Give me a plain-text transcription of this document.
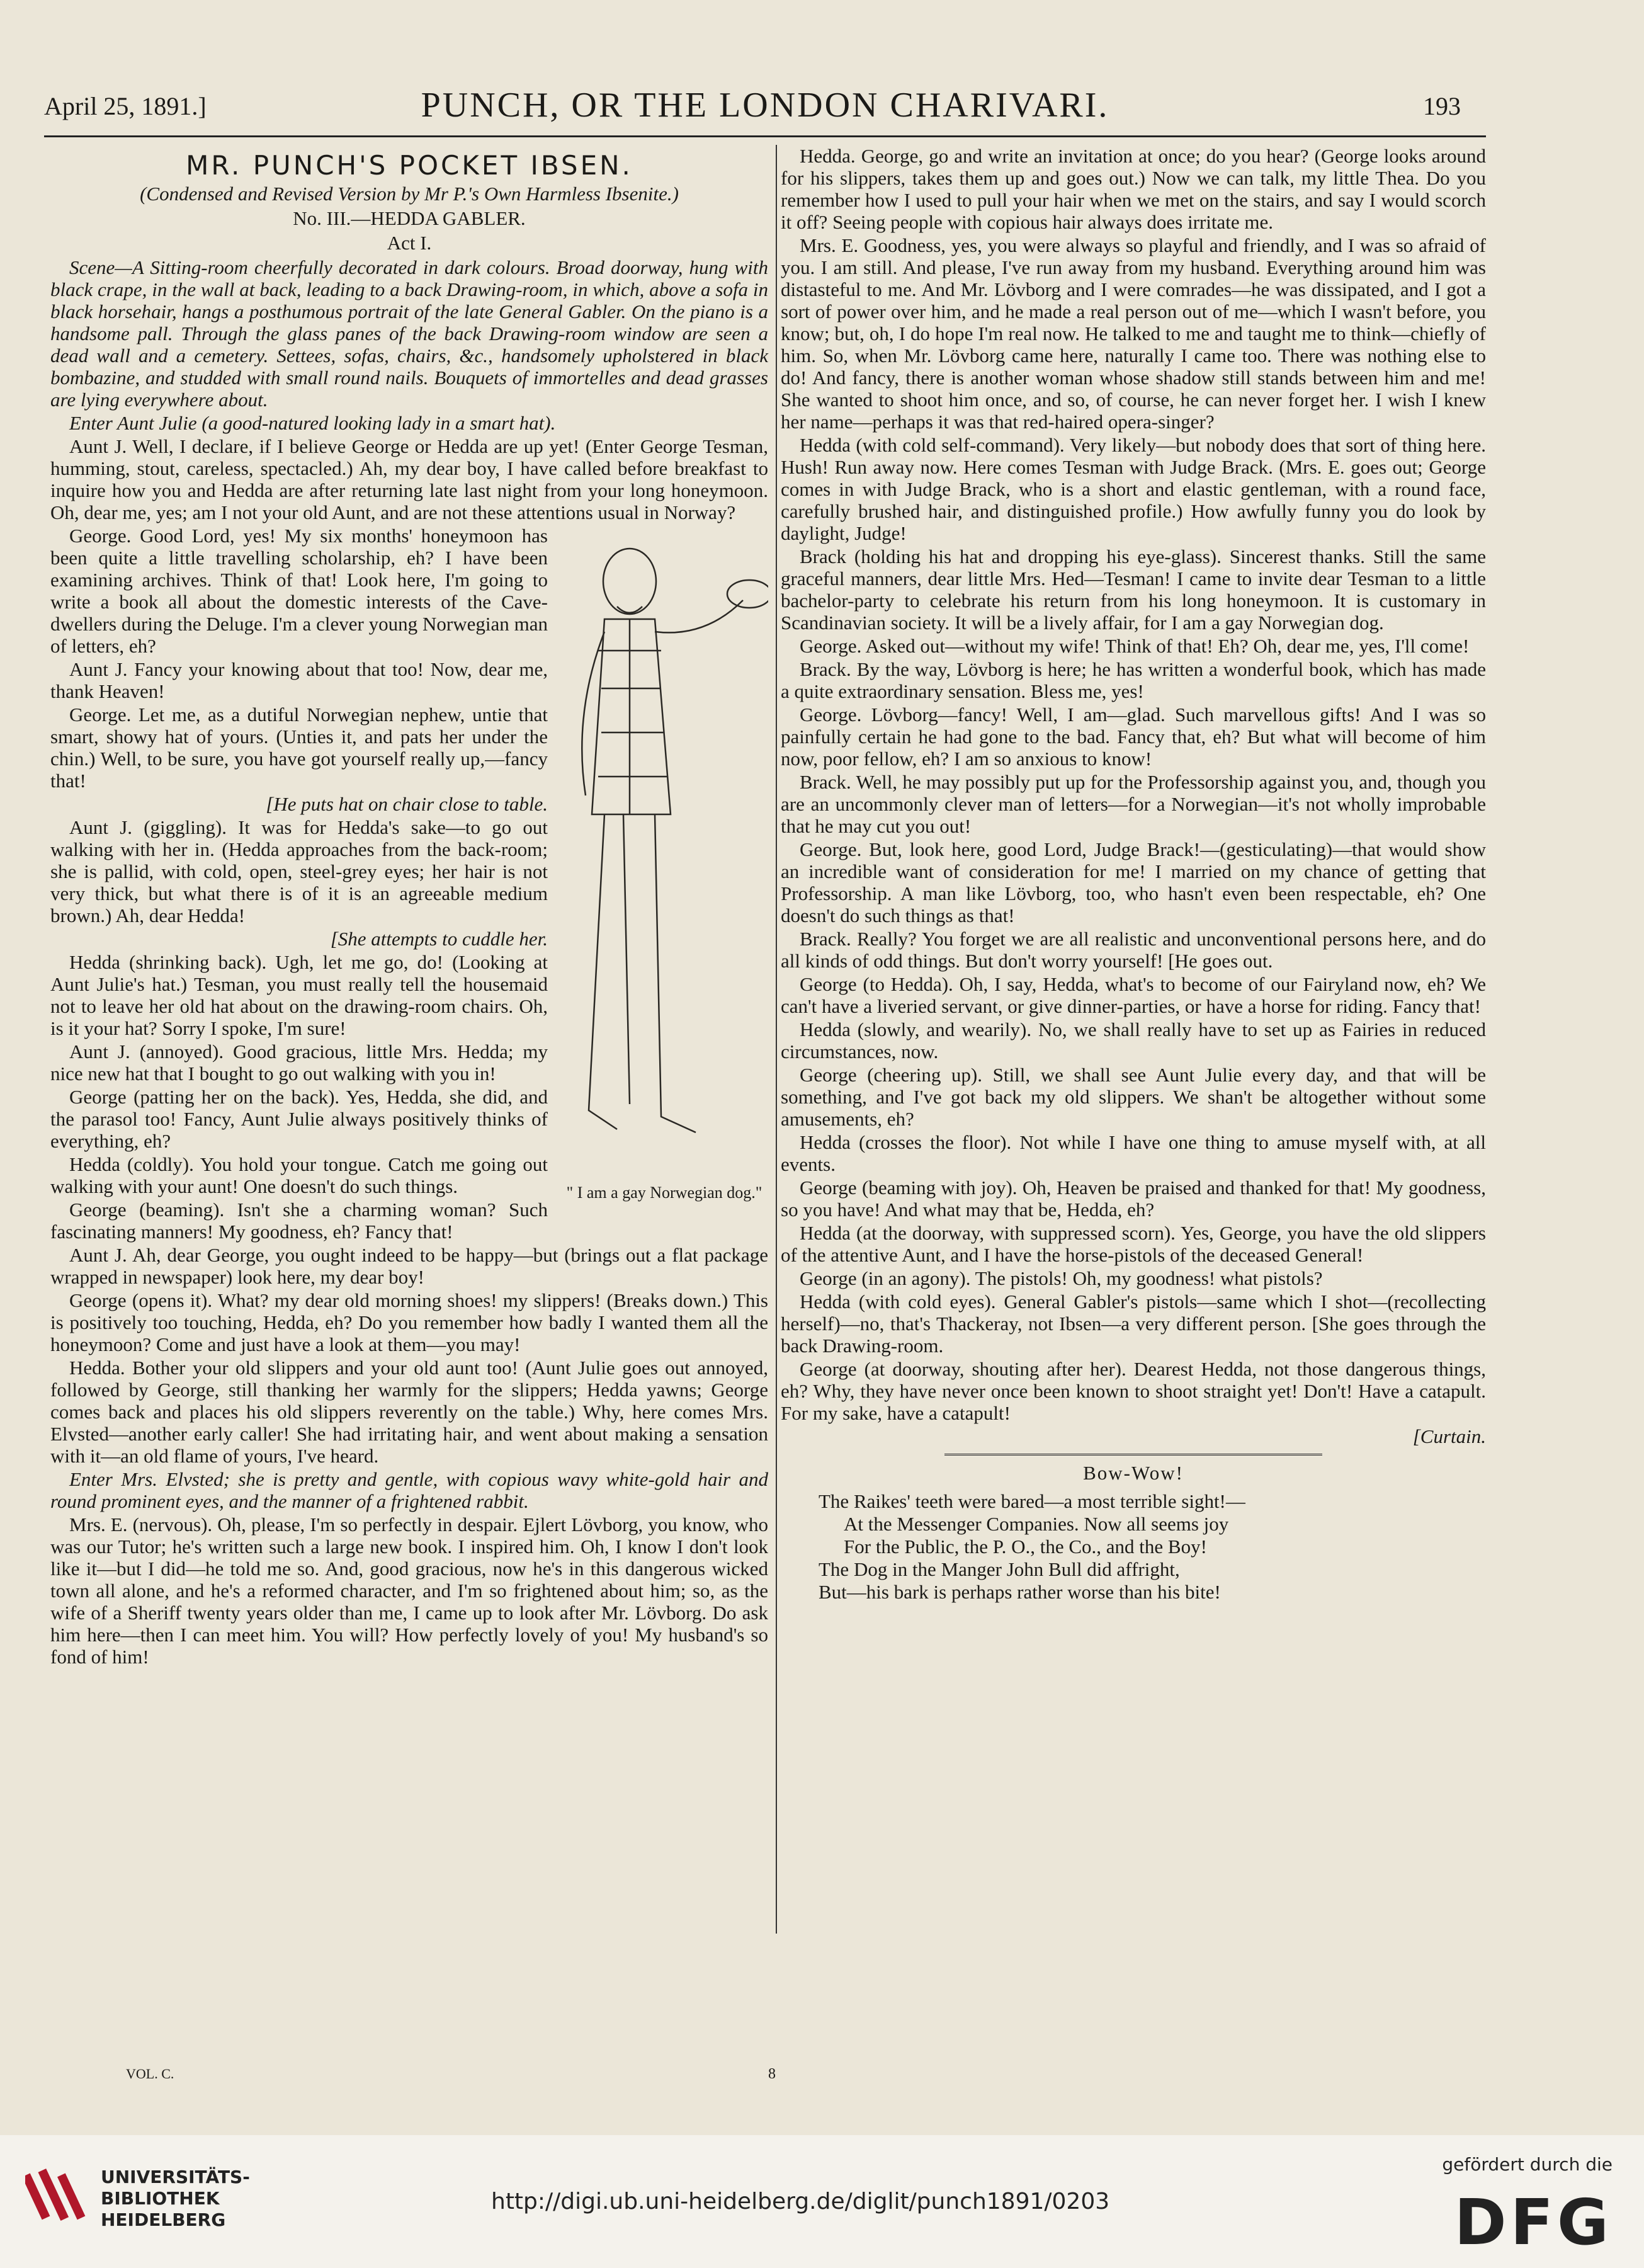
April 25, 1891.]	PUNCH, OR THE LONDON CHARIVARI.	193
MR. PUNCH'S POCKET IBSEN.
(Condensed and Revised Version by Mr P.'s Own Harmless Ibsenite.)
No. III.—HEDDA GABLER.
Act I.

Scene—A Sitting-room cheerfully decorated in dark colours. Broad doorway, hung with black crape, in the wall at back, leading to a back Drawing-room, in which, above a sofa in black horsehair, hangs a posthumous portrait of the late General Gabler. On the piano is a handsome pall. Through the glass panes of the back Drawing-room window are seen a dead wall and a cemetery. Settees, sofas, chairs, &c., handsomely upholstered in black bombazine, and studded with small round nails. Bouquets of immortelles and dead grasses are lying everywhere about.

Enter Aunt Julie (a good-natured looking lady in a smart hat).

Aunt J. Well, I declare, if I believe George or Hedda are up yet! (Enter George Tesman, humming, stout, careless, spectacled.) Ah, my dear boy, I have called before breakfast to inquire how you and Hedda are after returning late last night from your long honeymoon. Oh, dear me, yes; am I not your old Aunt, and are not these attentions usual in Norway?

" I am a gay Norwegian dog."

George. Good Lord, yes! My six months' honeymoon has been quite a little travelling scholarship, eh? I have been examining archives. Think of that! Look here, I'm going to write a book all about the domestic interests of the Cave-dwellers during the Deluge. I'm a clever young Norwegian man of letters, eh?

Aunt J. Fancy your knowing about that too! Now, dear me, thank Heaven!

George. Let me, as a dutiful Norwegian nephew, untie that smart, showy hat of yours. (Unties it, and pats her under the chin.) Well, to be sure, you have got yourself really up,—fancy that!

[He puts hat on chair close to table.

Aunt J. (giggling). It was for Hedda's sake—to go out walking with her in. (Hedda approaches from the back-room; she is pallid, with cold, open, steel-grey eyes; her hair is not very thick, but what there is of it is an agreeable medium brown.) Ah, dear Hedda!

[She attempts to cuddle her.

Hedda (shrinking back). Ugh, let me go, do! (Looking at Aunt Julie's hat.) Tesman, you must really tell the housemaid not to leave her old hat about on the drawing-room chairs. Oh, is it your hat? Sorry I spoke, I'm sure!

Aunt J. (annoyed). Good gracious, little Mrs. Hedda; my nice new hat that I bought to go out walking with you in!

George (patting her on the back). Yes, Hedda, she did, and the parasol too! Fancy, Aunt Julie always positively thinks of everything, eh?

Hedda (coldly). You hold your tongue. Catch me going out walking with your aunt! One doesn't do such things.

George (beaming). Isn't she a charming woman? Such fascinating manners! My goodness, eh? Fancy that!

Aunt J. Ah, dear George, you ought indeed to be happy—but (brings out a flat package wrapped in newspaper) look here, my dear boy!

George (opens it). What? my dear old morning shoes! my slippers! (Breaks down.) This is positively too touching, Hedda, eh? Do you remember how badly I wanted them all the honeymoon? Come and just have a look at them—you may!

Hedda. Bother your old slippers and your old aunt too! (Aunt Julie goes out annoyed, followed by George, still thanking her warmly for the slippers; Hedda yawns; George comes back and places his old slippers reverently on the table.) Why, here comes Mrs. Elvsted—another early caller! She had irritating hair, and went about making a sensation with it—an old flame of yours, I've heard.

Enter Mrs. Elvsted; she is pretty and gentle, with copious wavy white-gold hair and round prominent eyes, and the manner of a frightened rabbit.

Mrs. E. (nervous). Oh, please, I'm so perfectly in despair. Ejlert Lövborg, you know, who was our Tutor; he's written such a large new book. I inspired him. Oh, I know I don't look like it—but I did—he told me so. And, good gracious, now he's in this dangerous wicked town all alone, and he's a reformed character, and I'm so frightened about him; so, as the wife of a Sheriff twenty years older than me, I came up to look after Mr. Lövborg. Do ask him here—then I can meet him. You will? How perfectly lovely of you! My husband's so fond of him!

Hedda. George, go and write an invitation at once; do you hear? (George looks around for his slippers, takes them up and goes out.) Now we can talk, my little Thea. Do you remember how I used to pull your hair when we met on the stairs, and say I would scorch it off? Seeing people with copious hair always does irritate me.

Mrs. E. Goodness, yes, you were always so playful and friendly, and I was so afraid of you. I am still. And please, I've run away from my husband. Everything around him was distasteful to me. And Mr. Lövborg and I were comrades—he was dissipated, and I got a sort of power over him, and he made a real person out of me—which I wasn't before, you know; but, oh, I do hope I'm real now. He talked to me and taught me to think—chiefly of him. So, when Mr. Lövborg came here, naturally I came too. There was nothing else to do! And fancy, there is another woman whose shadow still stands between him and me! She wanted to shoot him once, and so, of course, he can never forget her. I wish I knew her name—perhaps it was that red-haired opera-singer?

Hedda (with cold self-command). Very likely—but nobody does that sort of thing here. Hush! Run away now. Here comes Tesman with Judge Brack. (Mrs. E. goes out; George comes in with Judge Brack, who is a short and elastic gentleman, with a round face, carefully brushed hair, and distinguished profile.) How awfully funny you do look by daylight, Judge!

Brack (holding his hat and dropping his eye-glass). Sincerest thanks. Still the same graceful manners, dear little Mrs. Hed—Tesman! I came to invite dear Tesman to a little bachelor-party to celebrate his return from his long honeymoon. It is customary in Scandinavian society. It will be a lively affair, for I am a gay Norwegian dog.

George. Asked out—without my wife! Think of that! Eh? Oh, dear me, yes, I'll come!

Brack. By the way, Lövborg is here; he has written a wonderful book, which has made a quite extraordinary sensation. Bless me, yes!

George. Lövborg—fancy! Well, I am—glad. Such marvellous gifts! And I was so painfully certain he had gone to the bad. Fancy that, eh? But what will become of him now, poor fellow, eh? I am so anxious to know!

Brack. Well, he may possibly put up for the Professorship against you, and, though you are an uncommonly clever man of letters—for a Norwegian—it's not wholly improbable that he may cut you out!

George. But, look here, good Lord, Judge Brack!—(gesticulating)—that would show an incredible want of consideration for me! I married on my chance of getting that Professorship. A man like Lövborg, too, who hasn't even been respectable, eh? One doesn't do such things as that!

Brack. Really? You forget we are all realistic and unconventional persons here, and do all kinds of odd things. But don't worry yourself! [He goes out.

George (to Hedda). Oh, I say, Hedda, what's to become of our Fairyland now, eh? We can't have a liveried servant, or give dinner-parties, or have a horse for riding. Fancy that!

Hedda (slowly, and wearily). No, we shall really have to set up as Fairies in reduced circumstances, now.

George (cheering up). Still, we shall see Aunt Julie every day, and that will be something, and I've got back my old slippers. We shan't be altogether without some amusements, eh?

Hedda (crosses the floor). Not while I have one thing to amuse myself with, at all events.

George (beaming with joy). Oh, Heaven be praised and thanked for that! My goodness, so you have! And what may that be, Hedda, eh?

Hedda (at the doorway, with suppressed scorn). Yes, George, you have the old slippers of the attentive Aunt, and I have the horse-pistols of the deceased General!

George (in an agony). The pistols! Oh, my goodness! what pistols?

Hedda (with cold eyes). General Gabler's pistols—same which I shot—(recollecting herself)—no, that's Thackeray, not Ibsen—a very different person. [She goes through the back Drawing-room.

George (at doorway, shouting after her). Dearest Hedda, not those dangerous things, eh? Why, they have never once been known to shoot straight yet! Don't! Have a catapult. For my sake, have a catapult!

[Curtain.
Bow-Wow!
The Raikes' teeth were bared—a most terrible sight!—
At the Messenger Companies. Now all seems joy
For the Public, the P. O., the Co., and the Boy!
The Dog in the Manger John Bull did affright,
But—his bark is perhaps rather worse than his bite!
VOL. C.	8
UNIVERSITÄTS-
BIBLIOTHEK
HEIDELBERG
http://digi.ub.uni-heidelberg.de/diglit/punch1891/0203
gefördert durch die
DFG
